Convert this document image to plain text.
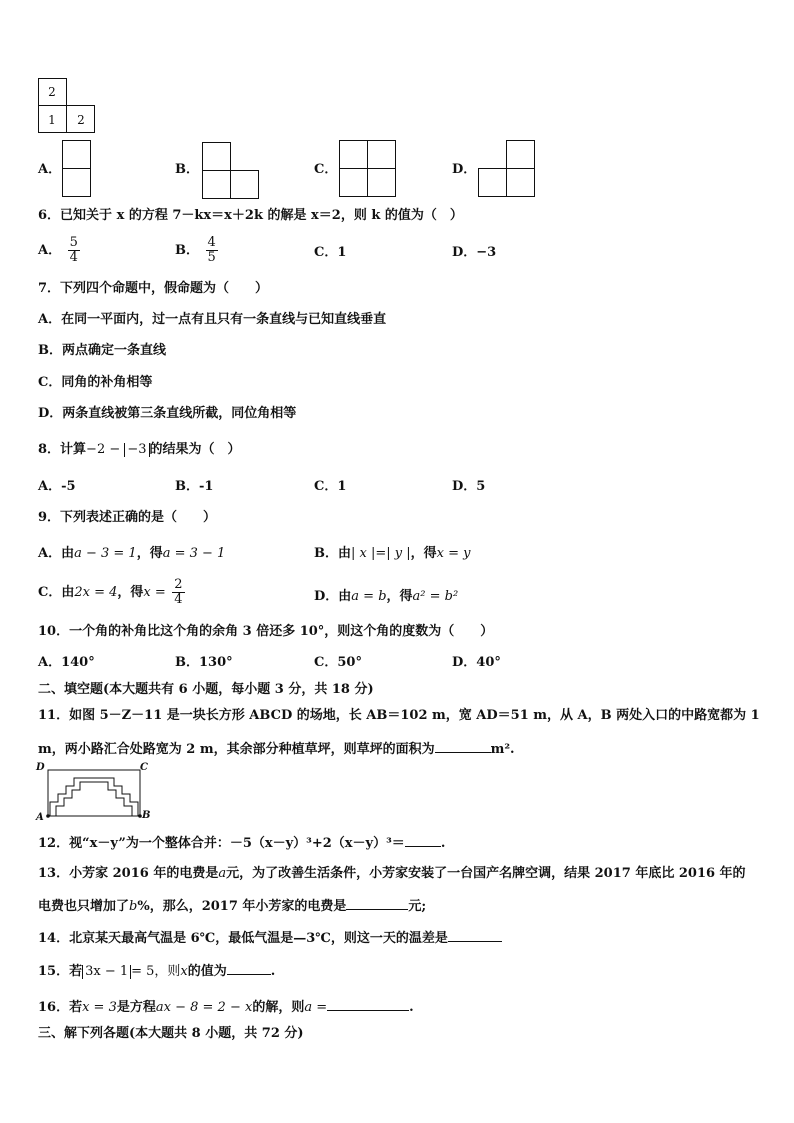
2
1	2
A．	B．	C．	D．
6．已知关于 x 的方程 7－kx＝x＋2k 的解是 x＝2，则 k 的值为（　）
A． $\frac{5}{4}$	B． $\frac{4}{5}$	C．1	D．−3
7．下列四个命题中，假命题为（　　）
A．在同一平面内，过一点有且只有一条直线与已知直线垂直
B．两点确定一条直线
C．同角的补角相等
D．两条直线被第三条直线所截，同位角相等
8．计算−2 − −3 的结果为（　）
A．-5	B．-1	C．1	D．5
9．下列表述正确的是（　　）
A．由a − 3 = 1，得a = 3 − 1	B．由| x |=| y |，得x = y
C．由2x = 4，得$x = \frac{2}{4}$	D．由a = b，得a² = b²
10．一个角的补角比这个角的余角 3 倍还多 10°，则这个角的度数为（　　）
A．140°	B．130°	C．50°	D．40°
二、填空题(本大题共有 6 小题，每小题 3 分，共 18 分)
11．如图 5－Z－11 是一块长方形 ABCD 的场地，长 AB＝102 m，宽 AD＝51 m，从 A，B 两处入口的中路宽都为 1
m，两小路汇合处路宽为 2 m，其余部分种植草坪，则草坪的面积为	m².
D	C
A	B
12．视“x－y”为一个整体合并：－5（x－y）³+2（x－y）³＝	.
13．小芳家 2016 年的电费是a元，为了改善生活条件，小芳家安装了一台国产名牌空调，结果 2017 年底比 2016 年的
电费也只增加了b%，那么，2017 年小芳家的电费是	元;
14．北京某天最高气温是 6℃，最低气温是—3℃，则这一天的温差是
15．若 3x − 1 = 5，则x的值为	.
16．若x = 3是方程ax − 8 = 2 − x的解，则a =	.
三、解下列各题(本大题共 8 小题，共 72 分)
